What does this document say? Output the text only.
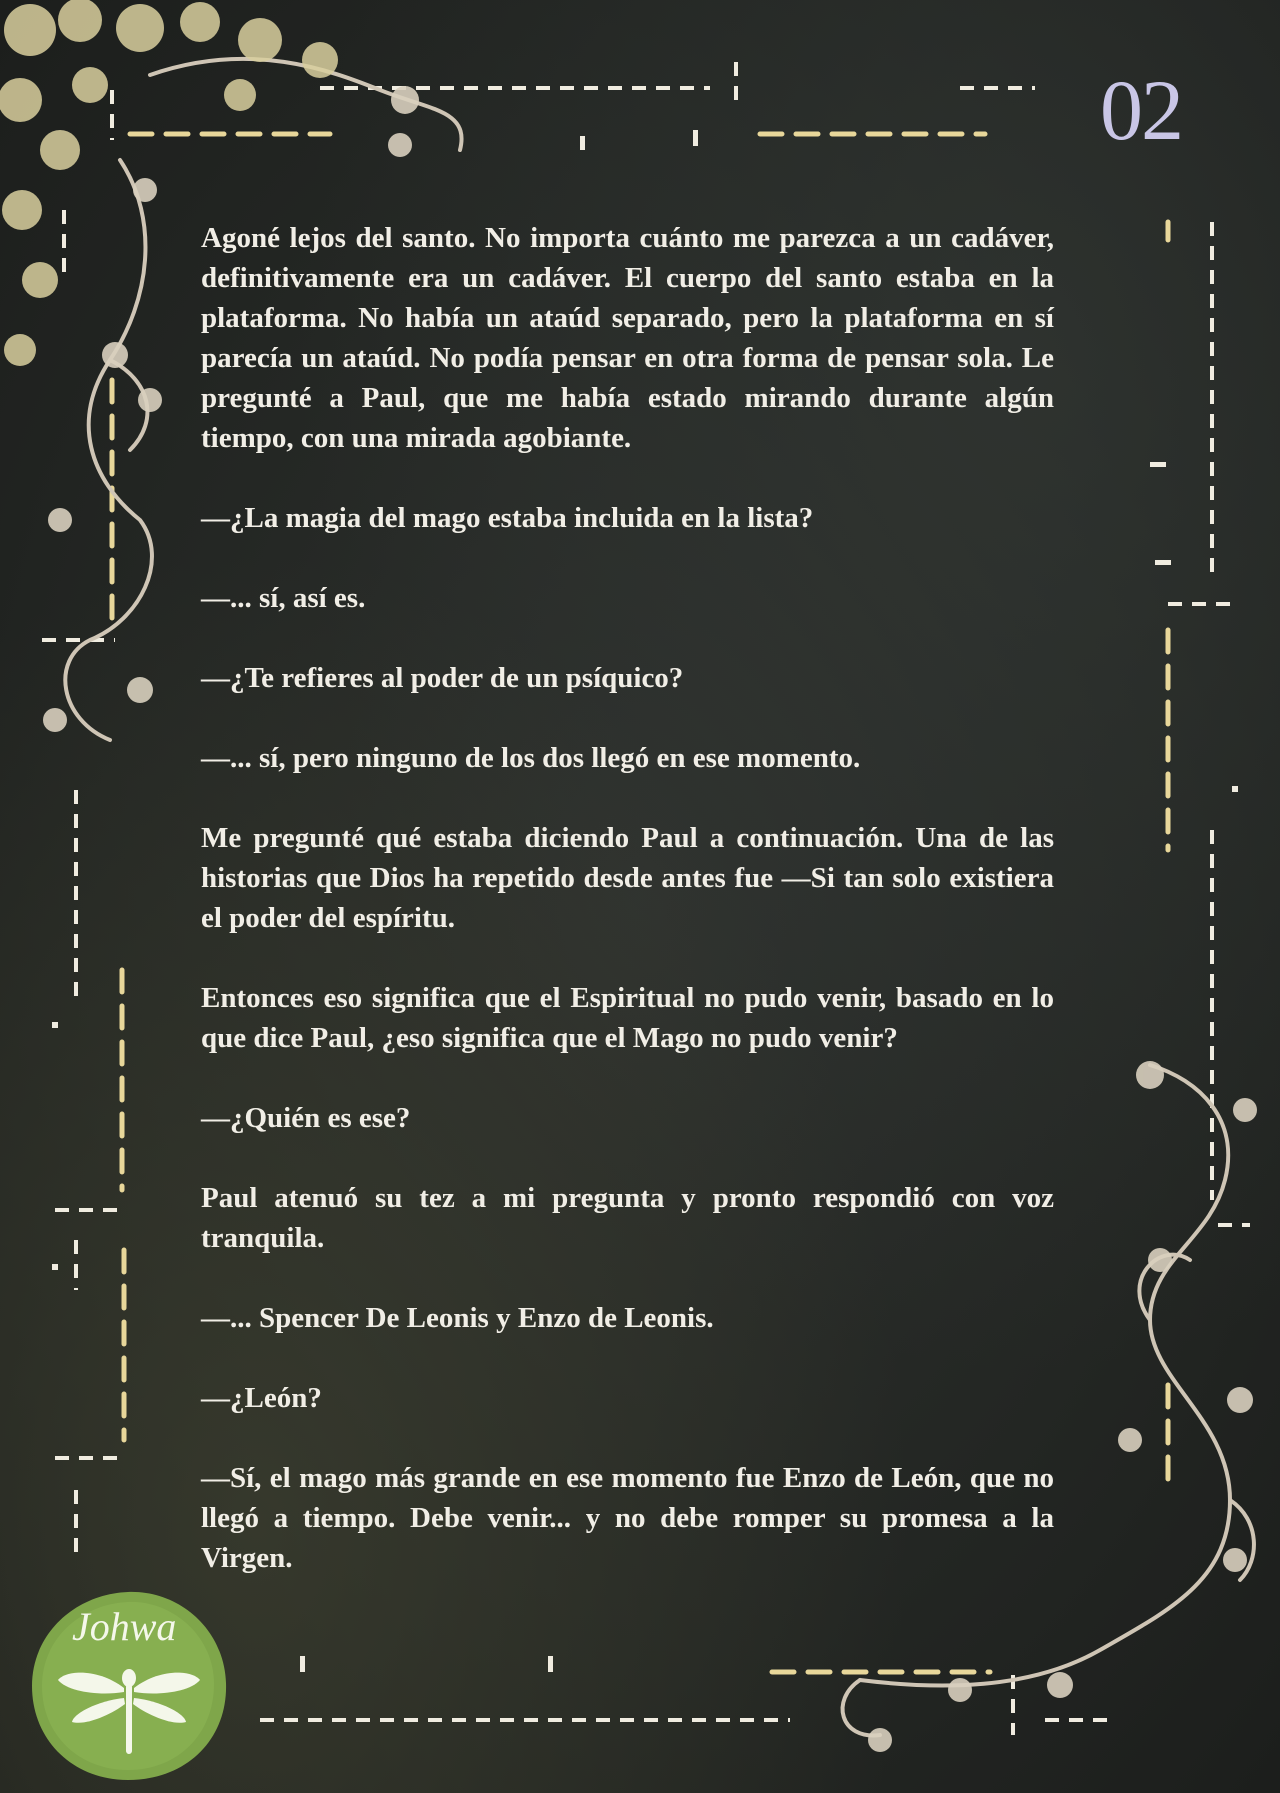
02

Agoné lejos del santo. No importa cuánto me parezca a un cadáver, definitivamente era un cadáver. El cuerpo del santo estaba en la plataforma. No había un ataúd separado, pero la plataforma en sí parecía un ataúd. No podía pensar en otra forma de pensar sola. Le pregunté a Paul, que me había estado mirando durante algún tiempo, con una mirada agobiante.

—¿La magia del mago estaba incluida en la lista?

—... sí, así es.

—¿Te refieres al poder de un psíquico?

—... sí, pero ninguno de los dos llegó en ese momento.

Me pregunté qué estaba diciendo Paul a continuación. Una de las historias que Dios ha repetido desde antes fue —Si tan solo existiera el poder del espíritu.

Entonces eso significa que el Espiritual no pudo venir, basado en lo que dice Paul, ¿eso significa que el Mago no pudo venir?

—¿Quién es ese?

Paul atenuó su tez a mi pregunta y pronto respondió con voz tranquila.

—... Spencer De Leonis y Enzo de Leonis.

—¿León?

—Sí, el mago más grande en ese momento fue Enzo de León, que no llegó a tiempo. Debe venir... y no debe romper su promesa a la Virgen.

Johwa
